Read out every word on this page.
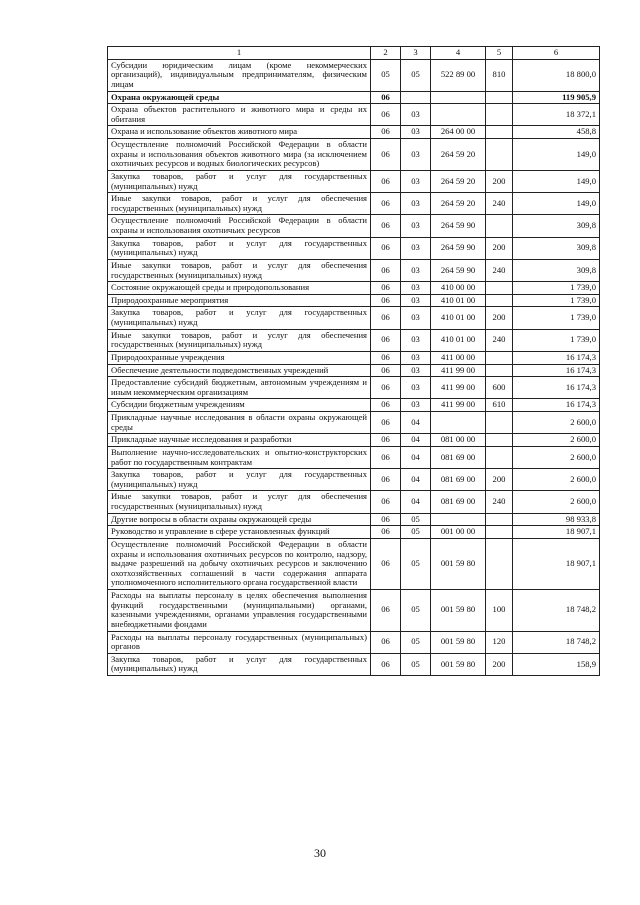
1	2	3	4	5	6
Субсидии юридическим лицам (кроме некоммерческих организаций), индивидуальным предпринимателям, физическим лицам	05	05	522 89 00	810	18 800,0
Охрана окружающей среды	06				119 905,9
Охрана объектов растительного и животного мира и среды их обитания	06	03			18 372,1
Охрана и использование объектов животного мира	06	03	264 00 00		458,8
Осуществление полномочий Российской Федерации в области охраны и использования объектов животного мира (за исключением охотничьих ресурсов и водных биологических ресурсов)	06	03	264 59 20		149,0
Закупка товаров, работ и услуг для государственных (муниципальных) нужд	06	03	264 59 20	200	149,0
Иные закупки товаров, работ и услуг для обеспечения государственных (муниципальных) нужд	06	03	264 59 20	240	149,0
Осуществление полномочий Российской Федерации в области охраны и использования охотничьих ресурсов	06	03	264 59 90		309,8
Закупка товаров, работ и услуг для государственных (муниципальных) нужд	06	03	264 59 90	200	309,8
Иные закупки товаров, работ и услуг для обеспечения государственных (муниципальных) нужд	06	03	264 59 90	240	309,8
Состояние окружающей среды и природопользования	06	03	410 00 00		1 739,0
Природоохранные мероприятия	06	03	410 01 00		1 739,0
Закупка товаров, работ и услуг для государственных (муниципальных) нужд	06	03	410 01 00	200	1 739,0
Иные закупки товаров, работ и услуг для обеспечения государственных (муниципальных) нужд	06	03	410 01 00	240	1 739,0
Природоохранные учреждения	06	03	411 00 00		16 174,3
Обеспечение деятельности подведомственных учреждений	06	03	411 99 00		16 174,3
Предоставление субсидий бюджетным, автономным учреждениям и иным некоммерческим организациям	06	03	411 99 00	600	16 174,3
Субсидии бюджетным учреждениям	06	03	411 99 00	610	16 174,3
Прикладные научные исследования в области охраны окружающей среды	06	04			2 600,0
Прикладные научные исследования и разработки	06	04	081 00 00		2 600,0
Выполнение научно-исследовательских и опытно-конструкторских работ по государственным контрактам	06	04	081 69 00		2 600,0
Закупка товаров, работ и услуг для государственных (муниципальных) нужд	06	04	081 69 00	200	2 600,0
Иные закупки товаров, работ и услуг для обеспечения государственных (муниципальных) нужд	06	04	081 69 00	240	2 600,0
Другие вопросы в области охраны окружающей среды	06	05			98 933,8
Руководство и управление в сфере установленных функций	06	05	001 00 00		18 907,1
Осуществление полномочий Российской Федерации в области охраны и использования охотничьих ресурсов по контролю, надзору, выдаче разрешений на добычу охотничьих ресурсов и заключению охотхозяйственных соглашений в части содержания аппарата уполномоченного исполнительного органа государственной власти	06	05	001 59 80		18 907,1
Расходы на выплаты персоналу в целях обеспечения выполнения функций государственными (муниципальными) органами, казенными учреждениями, органами управления государственными внебюджетными фондами	06	05	001 59 80	100	18 748,2
Расходы на выплаты персоналу государственных (муниципальных) органов	06	05	001 59 80	120	18 748,2
Закупка товаров, работ и услуг для государственных (муниципальных) нужд	06	05	001 59 80	200	158,9
30
